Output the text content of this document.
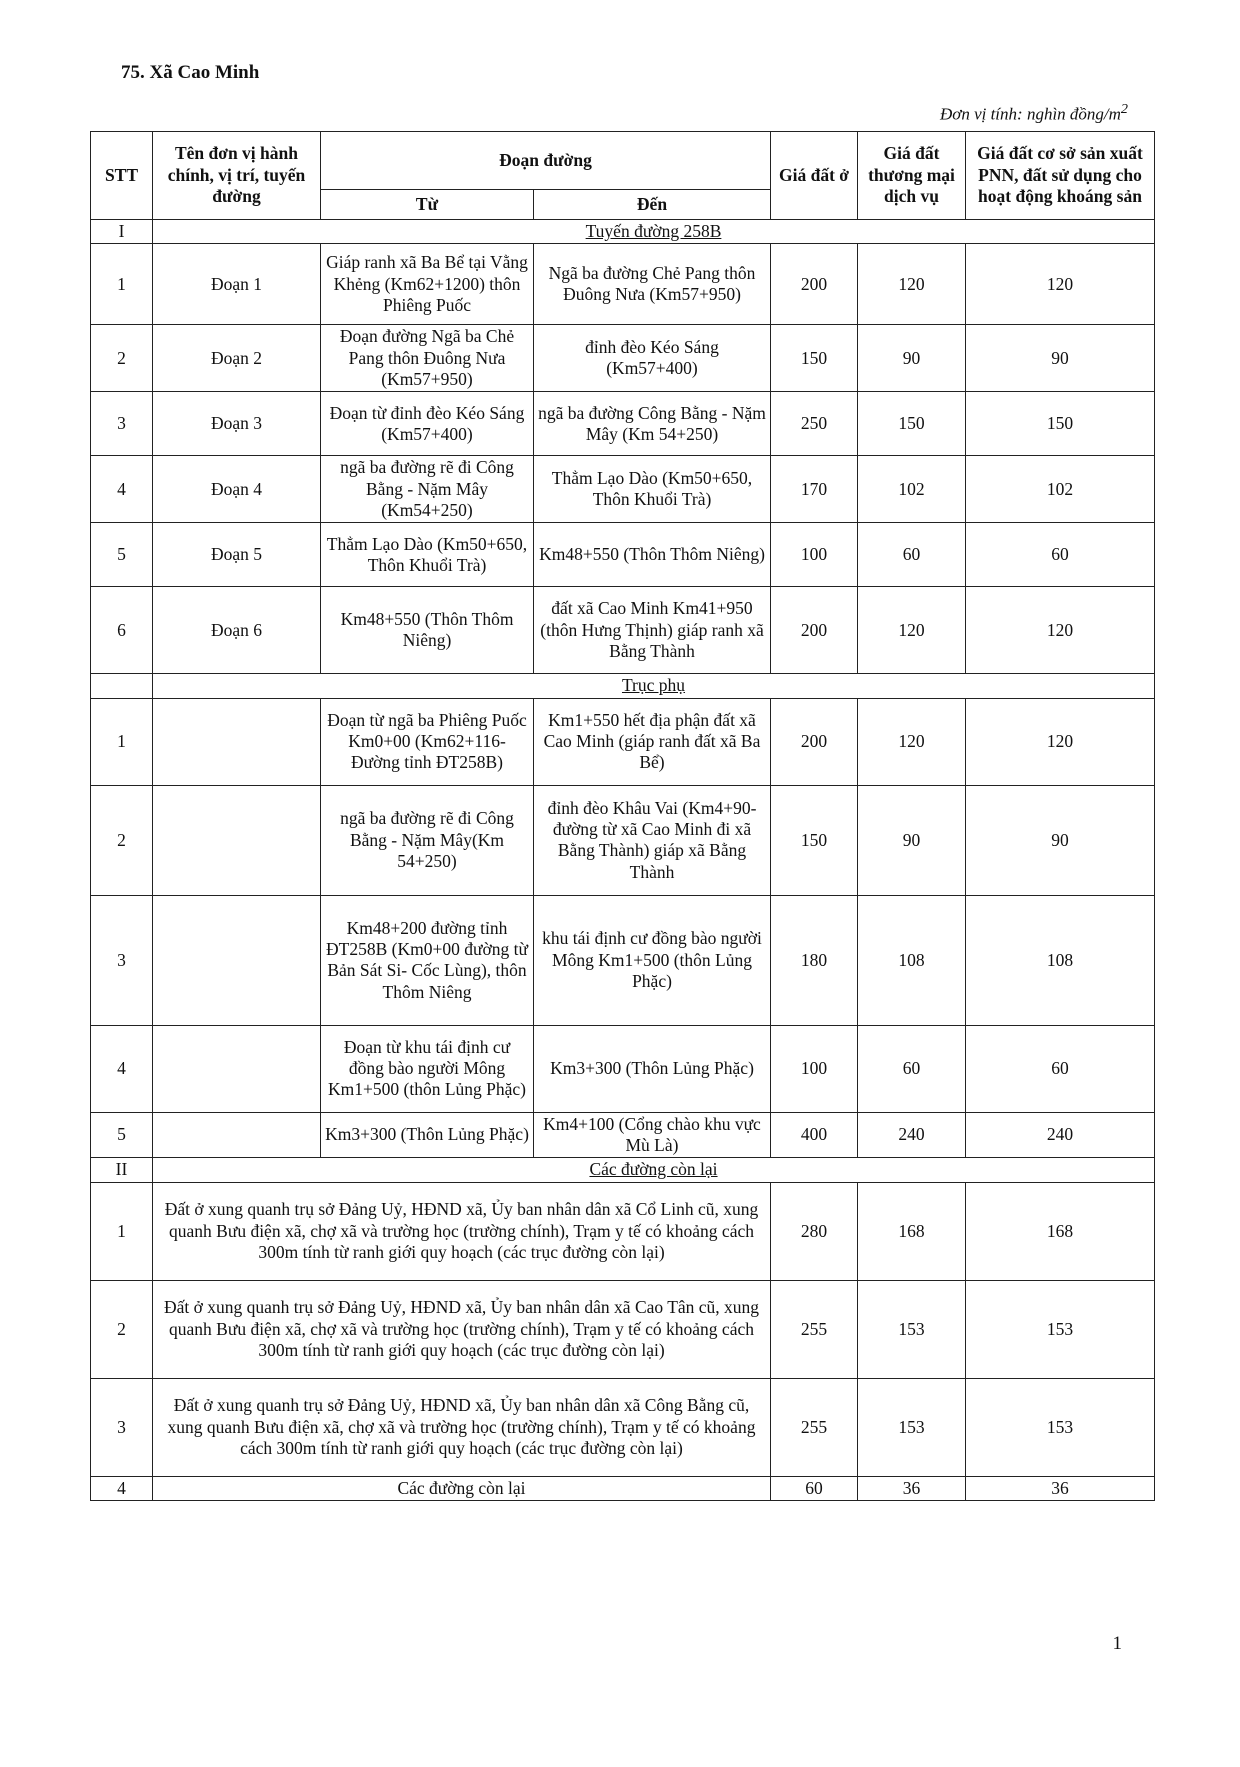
75. Xã Cao Minh
Đơn vị tính: nghìn đồng/$m^2$
STT	Tên đơn vị hành chính, vị trí, tuyến đường	Đoạn đường		Giá đất ở	Giá đất thương mại dịch vụ	Giá đất cơ sở sản xuất PNN, đất sử dụng cho hoạt động khoáng sản
		Từ	Đến			
I	Tuyến đường 258B					
1	Đoạn 1	Giáp ranh xã Ba Bể tại Vằng Khẻng (Km62+1200) thôn Phiêng Puốc	Ngã ba đường Chẻ Pang thôn Đuông Nưa (Km57+950)	200	120	120
2	Đoạn 2	Đoạn đường Ngã ba Chẻ Pang thôn Đuông Nưa (Km57+950)	đỉnh đèo Kéo Sáng (Km57+400)	150	90	90
3	Đoạn 3	Đoạn từ đỉnh đèo Kéo Sáng (Km57+400)	ngã ba đường Công Bằng - Nặm Mây (Km 54+250)	250	150	150
4	Đoạn 4	ngã ba đường rẽ đi Công Bằng - Nặm Mây (Km54+250)	Thẳm Lạo Dào (Km50+650, Thôn Khuổi Trà)	170	102	102
5	Đoạn 5	Thẳm Lạo Dào (Km50+650, Thôn Khuổi Trà)	Km48+550 (Thôn Thôm Niêng)	100	60	60
6	Đoạn 6	Km48+550 (Thôn Thôm Niêng)	đất xã Cao Minh Km41+950 (thôn Hưng Thịnh) giáp ranh xã Bằng Thành	200	120	120
	Trục phụ					
1		Đoạn từ ngã ba Phiêng Puốc Km0+00 (Km62+116-Đường tỉnh ĐT258B)	Km1+550 hết địa phận đất xã Cao Minh (giáp ranh đất xã Ba Bể)	200	120	120
2		ngã ba đường rẽ đi Công Bằng - Nặm Mây(Km 54+250)	đỉnh đèo Khâu Vai (Km4+90- đường từ xã Cao Minh đi xã Bằng Thành) giáp xã Bằng Thành	150	90	90
3		Km48+200 đường tỉnh ĐT258B (Km0+00 đường từ Bản Sát Si- Cốc Lùng), thôn Thôm Niêng	khu tái định cư đồng bào người Mông Km1+500 (thôn Lủng Phặc)	180	108	108
4		Đoạn từ khu tái định cư đồng bào người Mông Km1+500 (thôn Lủng Phặc)	Km3+300 (Thôn Lủng Phặc)	100	60	60
5		Km3+300 (Thôn Lủng Phặc)	Km4+100 (Cổng chào khu vực Mù Là)	400	240	240
II	Các đường còn lại					
1	Đất ở xung quanh trụ sở Đảng Uỷ, HĐND xã, Ủy ban nhân dân xã Cổ Linh cũ, xung quanh Bưu điện xã, chợ xã và trường học (trường chính), Trạm y tế có khoảng cách 300m tính từ ranh giới quy hoạch (các trục đường còn lại)			280	168	168
2	Đất ở xung quanh trụ sở Đảng Uỷ, HĐND xã, Ủy ban nhân dân xã Cao Tân cũ, xung quanh Bưu điện xã, chợ xã và trường học (trường chính), Trạm y tế có khoảng cách 300m tính từ ranh giới quy hoạch (các trục đường còn lại)			255	153	153
3	Đất ở xung quanh trụ sở Đảng Uỷ, HĐND xã, Ủy ban nhân dân xã Công Bằng cũ, xung quanh Bưu điện xã, chợ xã và trường học (trường chính), Trạm y tế có khoảng cách 300m tính từ ranh giới quy hoạch (các trục đường còn lại)			255	153	153
4	Các đường còn lại			60	36	36
1
